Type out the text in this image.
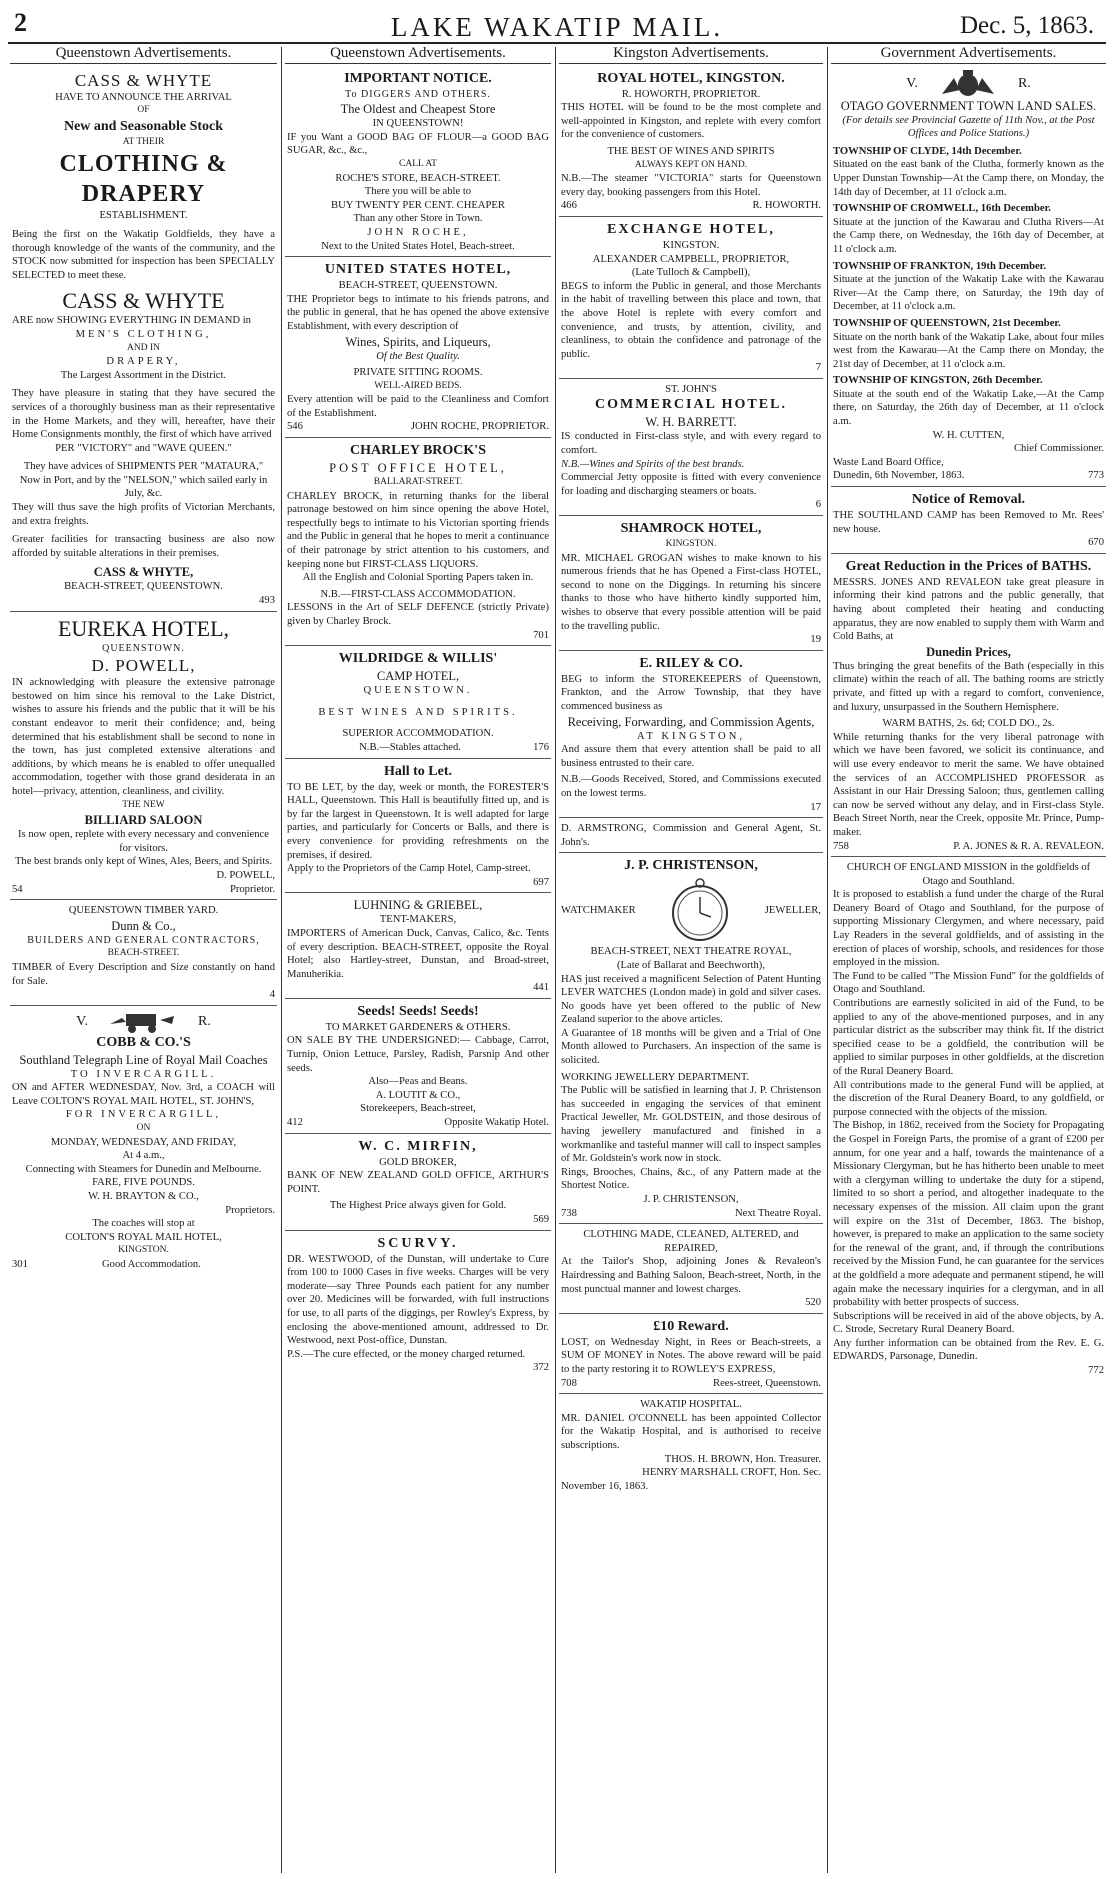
2	LAKE WAKATIP MAIL.	Dec. 5, 1863.
Queenstown Advertisements.
CASS & WHYTE
HAVE TO ANNOUNCE THE ARRIVAL
OF
New and Seasonable Stock
AT THEIR
CLOTHING & DRAPERY
ESTABLISHMENT.
Being the first on the Wakatip Goldfields, they have a thorough knowledge of the wants of the community, and the STOCK now submitted for inspection has been SPECIALLY SELECTED to meet these.
CASS & WHYTE
ARE now SHOWING EVERYTHING IN DEMAND in
MEN'S CLOTHING,
AND IN
DRAPERY,
The Largest Assortment in the District.
They have pleasure in stating that they have secured the services of a thoroughly business man as their representative in the Home Markets, and they will, hereafter, have their Home Consignments monthly, the first of which have arrived
PER "VICTORY" and "WAVE QUEEN."
They have advices of SHIPMENTS PER "MATAURA,"
Now in Port, and by the "NELSON," which sailed early in July, &c.
They will thus save the high profits of Victorian Merchants, and extra freights.
Greater facilities for transacting business are also now afforded by suitable alterations in their premises.
CASS & WHYTE,
BEACH-STREET, QUEENSTOWN.
493
EUREKA HOTEL,
QUEENSTOWN.
D. POWELL,
IN acknowledging with pleasure the extensive patronage bestowed on him since his removal to the Lake District, wishes to assure his friends and the public that it will be his constant endeavor to merit their confidence; and, being determined that his establishment shall be second to none in the town, has just completed extensive alterations and additions, by which means he is enabled to offer unequalled accommodation, together with those grand desiderata in an hotel—privacy, attention, cleanliness, and civility.
THE NEW
BILLIARD SALOON
Is now open, replete with every necessary and convenience for visitors.
The best brands only kept of Wines, Ales, Beers, and Spirits.
D. POWELL,
54	Proprietor.
QUEENSTOWN TIMBER YARD.
Dunn & Co.,
BUILDERS AND GENERAL CONTRACTORS,
BEACH-STREET.
TIMBER of Every Description and Size constantly on hand for Sale.
4
V.	R.
COBB & CO.'S
Southland Telegraph Line of Royal Mail Coaches
TO INVERCARGILL.
ON and AFTER WEDNESDAY, Nov. 3rd, a COACH will Leave COLTON'S ROYAL MAIL HOTEL, ST. JOHN'S,
FOR INVERCARGILL,
ON
MONDAY, WEDNESDAY, AND FRIDAY,
At 4 a.m.,
Connecting with Steamers for Dunedin and Melbourne.
FARE, FIVE POUNDS.
W. H. BRAYTON & CO.,
Proprietors.
The coaches will stop at
COLTON'S ROYAL MAIL HOTEL,
KINGSTON.
301	Good Accommodation.
Queenstown Advertisements.
IMPORTANT NOTICE.
To DIGGERS AND OTHERS.
The Oldest and Cheapest Store
IN QUEENSTOWN!
IF you Want a GOOD BAG OF FLOUR—a GOOD BAG SUGAR, &c., &c.,
CALL AT
ROCHE'S STORE, BEACH-STREET.
There you will be able to
BUY TWENTY PER CENT. CHEAPER
Than any other Store in Town.
JOHN ROCHE,
Next to the United States Hotel, Beach-street.
UNITED STATES HOTEL,
BEACH-STREET, QUEENSTOWN.
THE Proprietor begs to intimate to his friends patrons, and the public in general, that he has opened the above extensive Establishment, with every description of
Wines, Spirits, and Liqueurs,
Of the Best Quality.
PRIVATE SITTING ROOMS.
WELL-AIRED BEDS.
Every attention will be paid to the Cleanliness and Comfort of the Establishment.
546	JOHN ROCHE, PROPRIETOR.
CHARLEY BROCK'S
POST OFFICE HOTEL,
BALLARAT-STREET.
CHARLEY BROCK, in returning thanks for the liberal patronage bestowed on him since opening the above Hotel, respectfully begs to intimate to his Victorian sporting friends and the Public in general that he hopes to merit a continuance of their patronage by strict attention to his customers, and keeping none but FIRST-CLASS LIQUORS.
All the English and Colonial Sporting Papers taken in.
N.B.—FIRST-CLASS ACCOMMODATION.
LESSONS in the Art of SELF DEFENCE (strictly Private) given by Charley Brock.
701
WILDRIDGE & WILLIS'
CAMP HOTEL,
QUEENSTOWN.
BEST WINES AND SPIRITS.
SUPERIOR ACCOMMODATION.
N.B.—Stables attached.	176
Hall to Let.
TO BE LET, by the day, week or month, the FORESTER'S HALL, Queenstown. This Hall is beautifully fitted up, and is by far the largest in Queenstown. It is well adapted for large parties, and particularly for Concerts or Balls, and there is every convenience for providing refreshments on the premises, if desired.
Apply to the Proprietors of the Camp Hotel, Camp-street.
697
LUHNING & GRIEBEL,
TENT-MAKERS,
IMPORTERS of American Duck, Canvas, Calico, &c. Tents of every description. BEACH-STREET, opposite the Royal Hotel; also Hartley-street, Dunstan, and Broad-street, Manuherikia.
441
Seeds! Seeds! Seeds!
TO MARKET GARDENERS & OTHERS.
ON SALE BY THE UNDERSIGNED:— Cabbage, Carrot, Turnip, Onion Lettuce, Parsley, Radish, Parsnip And other seeds.
Also—Peas and Beans.
A. LOUTIT & CO.,
Storekeepers, Beach-street,
412	Opposite Wakatip Hotel.
W. C. MIRFIN,
GOLD BROKER,
BANK OF NEW ZEALAND GOLD OFFICE, ARTHUR'S POINT.
The Highest Price always given for Gold.
569
SCURVY.
DR. WESTWOOD, of the Dunstan, will undertake to Cure from 100 to 1000 Cases in five weeks. Charges will be very moderate—say Three Pounds each patient for any number over 20. Medicines will be forwarded, with full instructions for use, to all parts of the diggings, per Rowley's Express, by enclosing the above-mentioned amount, addressed to Dr. Westwood, next Post-office, Dunstan.
P.S.—The cure effected, or the money charged returned.
372
Kingston Advertisements.
ROYAL HOTEL, KINGSTON.
R. HOWORTH, PROPRIETOR.
THIS HOTEL will be found to be the most complete and well-appointed in Kingston, and replete with every comfort for the convenience of customers.
THE BEST OF WINES AND SPIRITS
ALWAYS KEPT ON HAND.
N.B.—The steamer "VICTORIA" starts for Queenstown every day, booking passengers from this Hotel.
466	R. HOWORTH.
EXCHANGE HOTEL,
KINGSTON.
ALEXANDER CAMPBELL, PROPRIETOR,
(Late Tulloch & Campbell),
BEGS to inform the Public in general, and those Merchants in the habit of travelling between this place and town, that the above Hotel is replete with every comfort and convenience, and trusts, by attention, civility, and cleanliness, to obtain the confidence and patronage of the public.
7
ST. JOHN'S
COMMERCIAL HOTEL.
W. H. BARRETT.
IS conducted in First-class style, and with every regard to comfort.
N.B.—Wines and Spirits of the best brands.
Commercial Jetty opposite is fitted with every convenience for loading and discharging steamers or boats.
6
SHAMROCK HOTEL,
KINGSTON.
MR. MICHAEL GROGAN wishes to make known to his numerous friends that he has Opened a First-class HOTEL, second to none on the Diggings. In returning his sincere thanks to those who have hitherto kindly supported him, wishes to observe that every possible attention will be paid to the travelling public.
19
E. RILEY & CO.
BEG to inform the STOREKEEPERS of Queenstown, Frankton, and the Arrow Township, that they have commenced business as
Receiving, Forwarding, and Commission Agents,
AT KINGSTON,
And assure them that every attention shall be paid to all business entrusted to their care.
N.B.—Goods Received, Stored, and Commissions executed on the lowest terms.
17
D. ARMSTRONG, Commission and General Agent, St. John's.
J. P. CHRISTENSON,
WATCHMAKER	JEWELLER,
BEACH-STREET, NEXT THEATRE ROYAL,
(Late of Ballarat and Beechworth),
HAS just received a magnificent Selection of Patent Hunting LEVER WATCHES (London made) in gold and silver cases. No goods have yet been offered to the public of New Zealand superior to the above articles.
A Guarantee of 18 months will be given and a Trial of One Month allowed to Purchasers. An inspection of the same is solicited.
WORKING JEWELLERY DEPARTMENT.
The Public will be satisfied in learning that J. P. Christenson has succeeded in engaging the services of that eminent Practical Jeweller, Mr. GOLDSTEIN, and those desirous of having jewellery manufactured and finished in a workmanlike and tasteful manner will call to inspect samples of Mr. Goldstein's work now in stock.
Rings, Brooches, Chains, &c., of any Pattern made at the Shortest Notice.
J. P. CHRISTENSON,
738	Next Theatre Royal.
CLOTHING MADE, CLEANED, ALTERED, and REPAIRED,
At the Tailor's Shop, adjoining Jones & Revaleon's Hairdressing and Bathing Saloon, Beach-street, North, in the most punctual manner and lowest charges.
520
£10 Reward.
LOST, on Wednesday Night, in Rees or Beach-streets, a SUM OF MONEY in Notes. The above reward will be paid to the party restoring it to ROWLEY'S EXPRESS,
708	Rees-street, Queenstown.
WAKATIP HOSPITAL.
MR. DANIEL O'CONNELL has been appointed Collector for the Wakatip Hospital, and is authorised to receive subscriptions.
THOS. H. BROWN, Hon. Treasurer.
HENRY MARSHALL CROFT, Hon. Sec.
November 16, 1863.
Government Advertisements.
V.	R.
OTAGO GOVERNMENT TOWN LAND SALES.
(For details see Provincial Gazette of 11th Nov., at the Post Offices and Police Stations.)
TOWNSHIP OF CLYDE, 14th December.
Situated on the east bank of the Clutha, formerly known as the Upper Dunstan Township—At the Camp there, on Monday, the 14th day of December, at 11 o'clock a.m.
TOWNSHIP OF CROMWELL, 16th December.
Situate at the junction of the Kawarau and Clutha Rivers—At the Camp there, on Wednesday, the 16th day of December, at 11 o'clock a.m.
TOWNSHIP OF FRANKTON, 19th December.
Situate at the junction of the Wakatip Lake with the Kawarau River—At the Camp there, on Saturday, the 19th day of December, at 11 o'clock a.m.
TOWNSHIP OF QUEENSTOWN, 21st December.
Situate on the north bank of the Wakatip Lake, about four miles west from the Kawarau—At the Camp there on Monday, the 21st day of December, at 11 o'clock a.m.
TOWNSHIP OF KINGSTON, 26th December.
Situate at the south end of the Wakatip Lake,—At the Camp there, on Saturday, the 26th day of December, at 11 o'clock a.m.
W. H. CUTTEN,
Chief Commissioner.
Waste Land Board Office,
Dunedin, 6th November, 1863.	773
Notice of Removal.
THE SOUTHLAND CAMP has been Removed to Mr. Rees' new house.
670
Great Reduction in the Prices of BATHS.
MESSRS. JONES AND REVALEON take great pleasure in informing their kind patrons and the public generally, that having about completed their heating and conducting apparatus, they are now enabled to supply them with Warm and Cold Baths, at
Dunedin Prices,
Thus bringing the great benefits of the Bath (especially in this climate) within the reach of all. The bathing rooms are strictly private, and fitted up with a regard to comfort, convenience, and luxury, unsurpassed in the Southern Hemisphere.
WARM BATHS, 2s. 6d; COLD DO., 2s.
While returning thanks for the very liberal patronage with which we have been favored, we solicit its continuance, and will use every endeavor to merit the same. We have obtained the services of an ACCOMPLISHED PROFESSOR as Assistant in our Hair Dressing Saloon; thus, gentlemen calling can now be served without any delay, and in First-class Style. Beach Street North, near the Creek, opposite Mr. Prince, Pump-maker.
758	P. A. JONES & R. A. REVALEON.
CHURCH OF ENGLAND MISSION in the goldfields of Otago and Southland.
It is proposed to establish a fund under the charge of the Rural Deanery Board of Otago and Southland, for the purpose of supporting Missionary Clergymen, and where necessary, paid Lay Readers in the several goldfields, and of assisting in the erection of places of worship, schools, and residences for those employed in the mission.
The Fund to be called "The Mission Fund" for the goldfields of Otago and Southland.
Contributions are earnestly solicited in aid of the Fund, to be applied to any of the above-mentioned purposes, and in any particular district as the subscriber may think fit. If the district specified cease to be a goldfield, the contribution will be applied to similar purposes in other goldfields, at the discretion of the Rural Deanery Board.
All contributions made to the general Fund will be applied, at the discretion of the Rural Deanery Board, to any goldfield, or purpose connected with the objects of the mission.
The Bishop, in 1862, received from the Society for Propagating the Gospel in Foreign Parts, the promise of a grant of £200 per annum, for one year and a half, towards the maintenance of a Missionary Clergyman, but he has hitherto been unable to meet with a clergyman willing to undertake the duty for a stipend, limited to so short a period, and altogether inadequate to the necessary expenses of the mission. All claim upon the grant will expire on the 31st of December, 1863. The bishop, however, is prepared to make an application to the same society for the renewal of the grant, and, if through the contributions received by the Mission Fund, he can guarantee for the services at the goldfield a more adequate and permanent stipend, he will again make the necessary inquiries for a clergyman, and in all probability with better prospects of success.
Subscriptions will be received in aid of the above objects, by A. C. Strode, Secretary Rural Deanery Board.
Any further information can be obtained from the Rev. E. G. EDWARDS, Parsonage, Dunedin.
772
